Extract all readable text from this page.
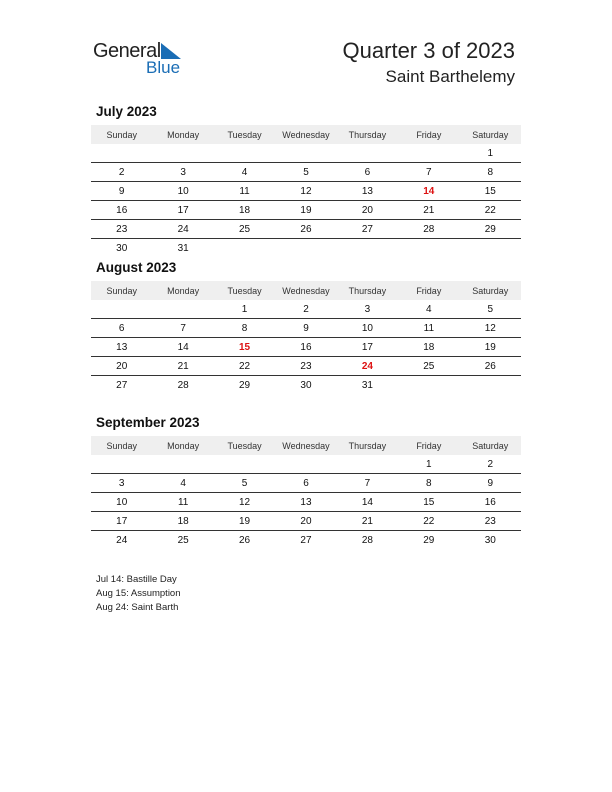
General
Blue
Quarter 3 of 2023
Saint Barthelemy
July 2023
Sunday	Monday	Tuesday	Wednesday	Thursday	Friday	Saturday
						1
2	3	4	5	6	7	8
9	10	11	12	13	14	15
16	17	18	19	20	21	22
23	24	25	26	27	28	29
30	31					
August 2023
Sunday	Monday	Tuesday	Wednesday	Thursday	Friday	Saturday
		1	2	3	4	5
6	7	8	9	10	11	12
13	14	15	16	17	18	19
20	21	22	23	24	25	26
27	28	29	30	31		
September 2023
Sunday	Monday	Tuesday	Wednesday	Thursday	Friday	Saturday
					1	2
3	4	5	6	7	8	9
10	11	12	13	14	15	16
17	18	19	20	21	22	23
24	25	26	27	28	29	30
Jul 14: Bastille Day
Aug 15: Assumption
Aug 24: Saint Barth
